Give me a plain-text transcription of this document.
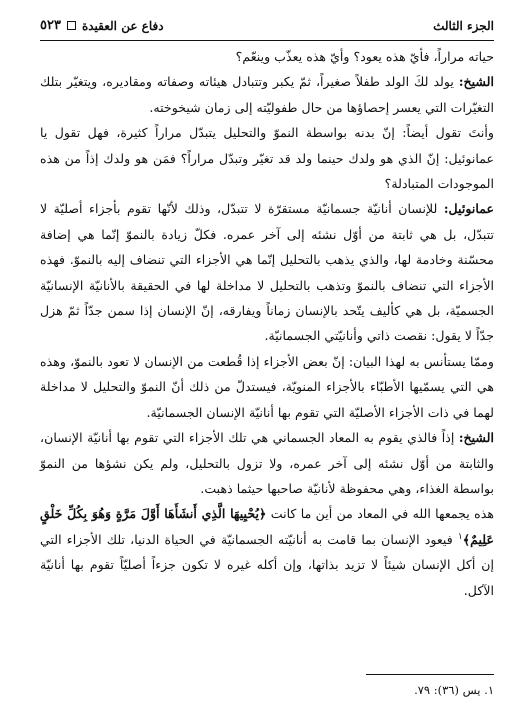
الجزء الثالث
دفاع عن العقيدة
٥٢٣

حياته مراراً، فأيّ هذه يعود؟ وأيّ هذه يعذّب وينعّم؟

الشيخ: يولد لكَ الولد طفلاً صغيراً، ثمّ يكبر وتتبادل هيئاته وصفاته ومقاديره، ويتغيّر بتلك التغيّرات التي يعسر إحصاؤها من حال طفوليّته إلى زمان شيخوخته.

وأنتَ تقول أيضاً: إنّ بدنه بواسطة النموّ والتحليل يتبدّل مراراً كثيرة، فهل تقول يا عمانوئيل: إنّ الذي هو ولدك حينما ولد قد تغيّر وتبدّل مراراً؟ فمَن هو ولدك إذاً من هذه الموجودات المتبادلة؟

عمانوئيل: للإنسان أنانيّة جسمانيّة مستقرّة لا تتبدّل، وذلك لأنّها تقوم بأجزاء أصليّة لا تتبدّل، بل هي ثابتة من أوّل نشئه إلى آخر عمره. فكلّ زيادة بالنموّ إنّما هي إضافة محسّنة وخادمة لها، والذي يذهب بالتحليل إنّما هي الأجزاء التي تنضاف إليه بالنموّ. فهذه الأجزاء التي تنضاف بالنموّ وتذهب بالتحليل لا مداخلة لها في الحقيقة بالأنانيّة الإنسانيّة الجسميّة، بل هي كأليف يتّحد بالإنسان زماناً ويفارقه، إنّ الإنسان إذا سمن جدّاً ثمّ هزل جدّاً لا يقول: نقصت ذاتي وأنانيّتي الجسمانيّة.

وممّا يستأنس به لهذا البيان: إنّ بعض الأجزاء إذا قُطعت من الإنسان لا تعود بالنموّ، وهذه هي التي يسمّيها الأطبّاء بالأجزاء المنويّة، فيستدلّ من ذلك أنّ النموّ والتحليل لا مداخلة لهما في ذات الأجزاء الأصليّة التي تقوم بها أنانيّة الإنسان الجسمانيّة.

الشيخ: إذاً فالذي يقوم به المعاد الجسماني هي تلك الأجزاء التي تقوم بها أنانيّة الإنسان، والثابتة من أوّل نشئه إلى آخر عمره، ولا تزول بالتحليل، ولم يكن نشؤها من النموّ بواسطة الغذاء، وهي محفوظة لأنانيّة صاحبها حيثما ذهبت.

هذه يجمعها الله في المعاد من أين ما كانت ﴿يُحْيِيهَا الَّذِي أَنشَأَهَا أَوَّلَ مَرَّةٍ وَهُوَ بِكُلِّ خَلْقٍ عَلِيمٌ﴾$^١$ فيعود الإنسان بما قامت به أنانيّته الجسمانيّة في الحياة الدنيا، تلك الأجزاء التي إن أكل الإنسان شيئاً لا تزيد بذاتها، وإن أكله غيره لا تكون جزءاً أصليّاً تقوم بها أنانيّة الآكل.

١. يس (٣٦): ٧٩.
